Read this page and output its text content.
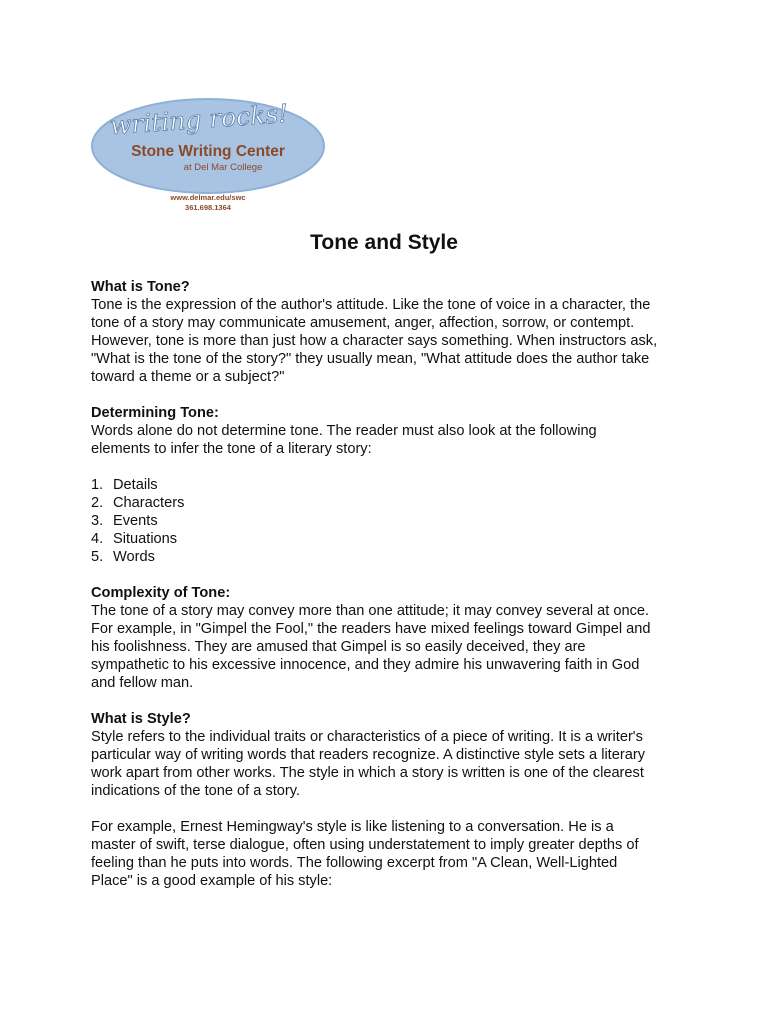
writing rocks!
Stone Writing Center
at Del Mar College
www.delmar.edu/swc
361.698.1364
Tone and Style
What is Tone?

Tone is the expression of the author's attitude. Like the tone of voice in a character, the

tone of a story may communicate amusement, anger, affection, sorrow, or contempt.

However, tone is more than just how a character says something. When instructors ask,

"What is the tone of the story?" they usually mean, "What attitude does the author take

toward a theme or a subject?"

Determining Tone:

Words alone do not determine tone. The reader must also look at the following

elements to infer the tone of a literary story:

1. Details
2. Characters
3. Events
4. Situations
5. Words
Complexity of Tone:

The tone of a story may convey more than one attitude; it may convey several at once.

For example, in "Gimpel the Fool," the readers have mixed feelings toward Gimpel and

his foolishness. They are amused that Gimpel is so easily deceived, they are

sympathetic to his excessive innocence, and they admire his unwavering faith in God

and fellow man.

What is Style?

Style refers to the individual traits or characteristics of a piece of writing. It is a writer's

particular way of writing words that readers recognize. A distinctive style sets a literary

work apart from other works. The style in which a story is written is one of the clearest

indications of the tone of a story.

For example, Ernest Hemingway's style is like listening to a conversation. He is a

master of swift, terse dialogue, often using understatement to imply greater depths of

feeling than he puts into words. The following excerpt from "A Clean, Well-Lighted

Place" is a good example of his style:
